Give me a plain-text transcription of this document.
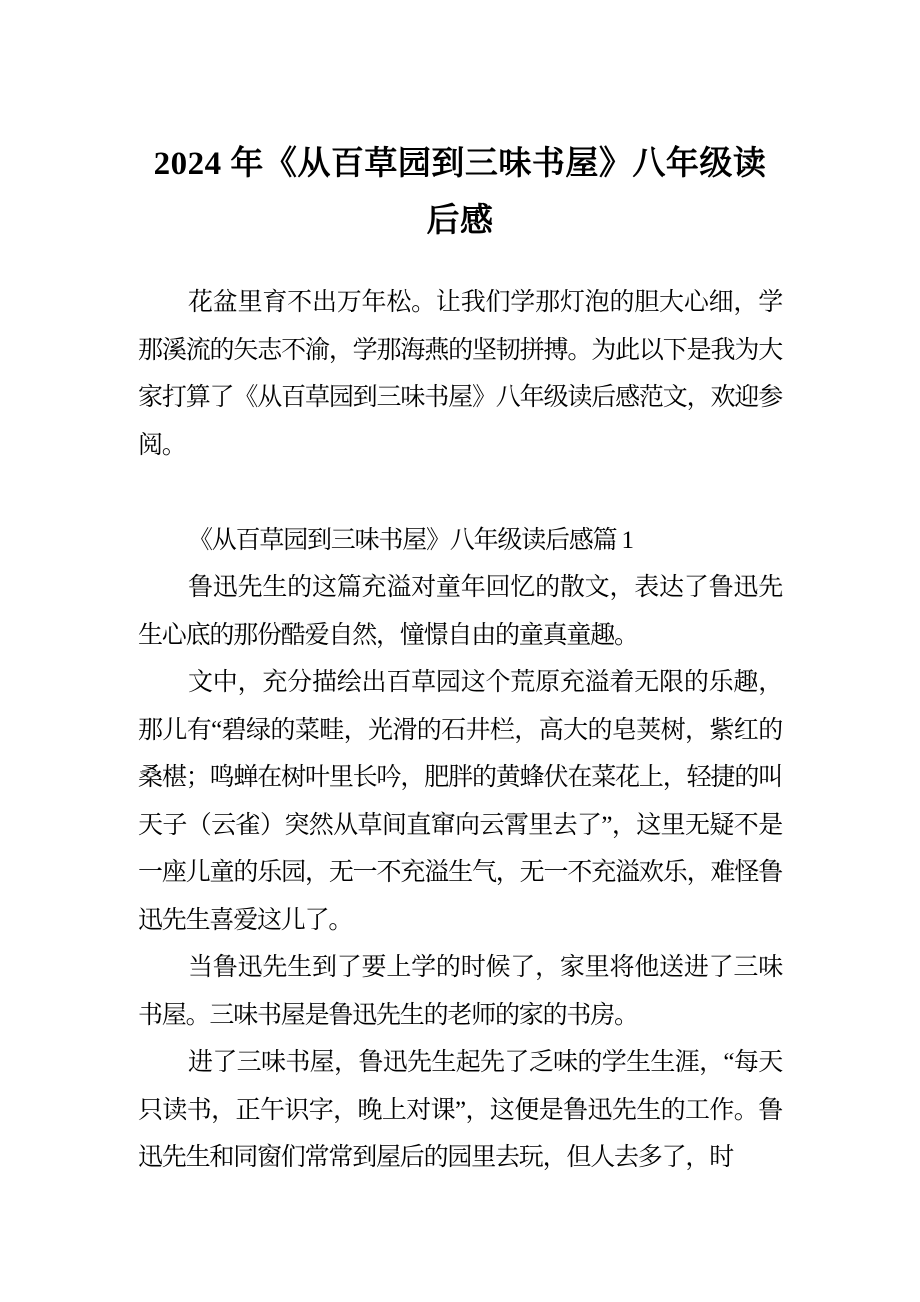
2024 年《从百草园到三味书屋》八年级读后感

花盆里育不出万年松。让我们学那灯泡的胆大心细，学那溪流的矢志不渝，学那海燕的坚韧拼搏。为此以下是我为大家打算了《从百草园到三味书屋》八年级读后感范文，欢迎参阅。

《从百草园到三味书屋》八年级读后感篇 1

鲁迅先生的这篇充溢对童年回忆的散文，表达了鲁迅先生心底的那份酷爱自然，憧憬自由的童真童趣。

文中，充分描绘出百草园这个荒原充溢着无限的乐趣，那儿有“碧绿的菜畦，光滑的石井栏，高大的皂荚树，紫红的桑椹；鸣蝉在树叶里长吟，肥胖的黄蜂伏在菜花上，轻捷的叫天子（云雀）突然从草间直窜向云霄里去了”，这里无疑不是一座儿童的乐园，无一不充溢生气，无一不充溢欢乐，难怪鲁迅先生喜爱这儿了。

当鲁迅先生到了要上学的时候了，家里将他送进了三味书屋。三味书屋是鲁迅先生的老师的家的书房。

进了三味书屋，鲁迅先生起先了乏味的学生生涯，“每天只读书，正午识字，晚上对课”，这便是鲁迅先生的工作。鲁迅先生和同窗们常常到屋后的园里去玩，但人去多了，时
